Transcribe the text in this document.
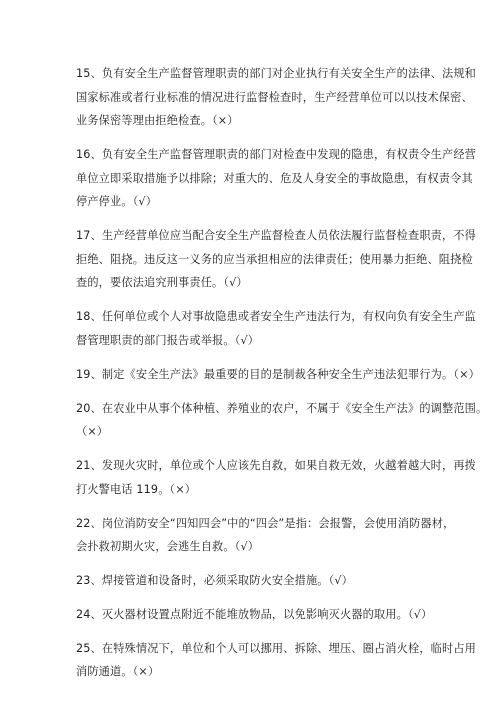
15、负有安全生产监督管理职责的部门对企业执行有关安全生产的法律、法规和
国家标准或者行业标准的情况进行监督检查时，生产经营单位可以以技术保密、
业务保密等理由拒绝检查。（×）
16、负有安全生产监督管理职责的部门对检查中发现的隐患，有权责令生产经营
单位立即采取措施予以排除；对重大的、危及人身安全的事故隐患，有权责令其
停产停业。（√）
17、生产经营单位应当配合安全生产监督检查人员依法履行监督检查职责，不得
拒绝、阻挠。违反这一义务的应当承担相应的法律责任；使用暴力拒绝、阻挠检
查的，要依法追究刑事责任。（√）
18、任何单位或个人对事故隐患或者安全生产违法行为，有权向负有安全生产监
督管理职责的部门报告或举报。（√）
19、制定《安全生产法》最重要的目的是制裁各种安全生产违法犯罪行为。（×）
20、在农业中从事个体种植、养殖业的农户，不属于《安全生产法》的调整范围。
（×）
21、发现火灾时，单位或个人应该先自救，如果自救无效，火越着越大时，再拨
打火警电话 119。（×）
22、岗位消防安全“四知四会”中的“四会”是指：会报警，会使用消防器材，
会扑救初期火灾，会逃生自救。（√）
23、焊接管道和设备时，必须采取防火安全措施。（√）
24、灭火器材设置点附近不能堆放物品，以免影响灭火器的取用。（√）
25、在特殊情况下，单位和个人可以挪用、拆除、埋压、圈占消火栓，临时占用
消防通道。（×）
